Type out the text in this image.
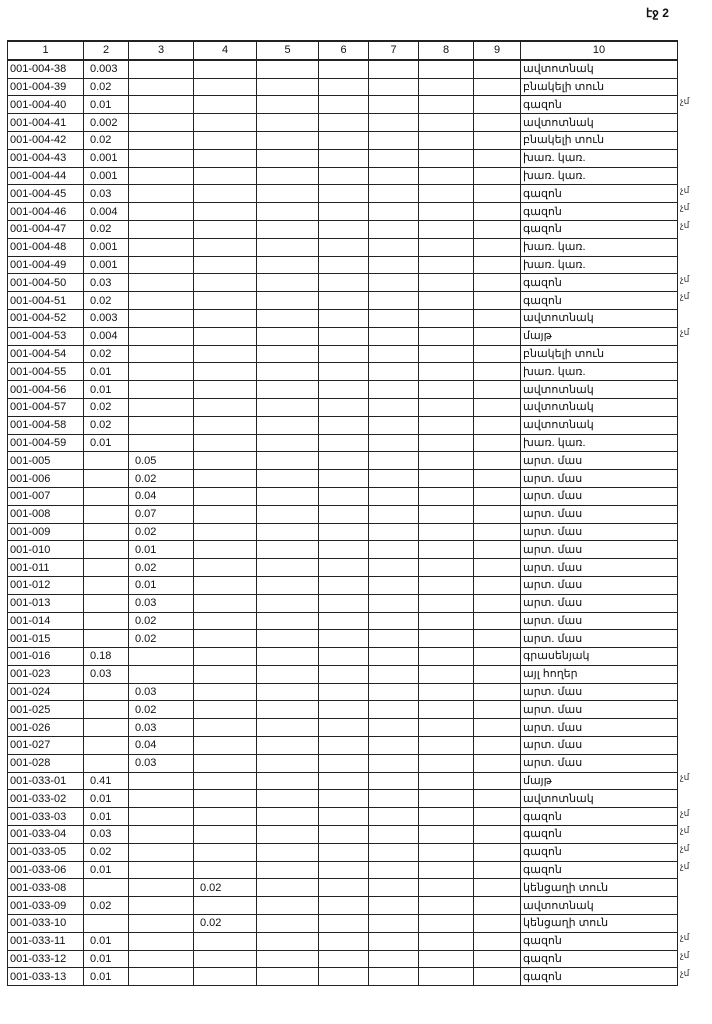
էջ 2
1	2	3	4	5	6	7	8	9	10
001-004-38	0.003								ավտոտնակ
001-004-39	0.02								բնակելի տուն
001-004-40	0.01								գազոն
001-004-41	0.002								ավտոտնակ
001-004-42	0.02								բնակելի տուն
001-004-43	0.001								խառ. կառ.
001-004-44	0.001								խառ. կառ.
001-004-45	0.03								գազոն
001-004-46	0.004								գազոն
001-004-47	0.02								գազոն
001-004-48	0.001								խառ. կառ.
001-004-49	0.001								խառ. կառ.
001-004-50	0.03								գազոն
001-004-51	0.02								գազոն
001-004-52	0.003								ավտոտնակ
001-004-53	0.004								մայթ
001-004-54	0.02								բնակելի տուն
001-004-55	0.01								խառ. կառ.
001-004-56	0.01								ավտոտնակ
001-004-57	0.02								ավտոտնակ
001-004-58	0.02								ավտոտնակ
001-004-59	0.01								խառ. կառ.
001-005		0.05							արտ. մաս
001-006		0.02							արտ. մաս
001-007		0.04							արտ. մաս
001-008		0.07							արտ. մաս
001-009		0.02							արտ. մաս
001-010		0.01							արտ. մաս
001-011		0.02							արտ. մաս
001-012		0.01							արտ. մաս
001-013		0.03							արտ. մաս
001-014		0.02							արտ. մաս
001-015		0.02							արտ. մաս
001-016	0.18								գրասենյակ
001-023	0.03								այլ հողեր
001-024		0.03							արտ. մաս
001-025		0.02							արտ. մաս
001-026		0.03							արտ. մաս
001-027		0.04							արտ. մաս
001-028		0.03							արտ. մաս
001-033-01	0.41								մայթ
001-033-02	0.01								ավտոտնակ
001-033-03	0.01								գազոն
001-033-04	0.03								գազոն
001-033-05	0.02								գազոն
001-033-06	0.01								գազոն
001-033-08			0.02						կենցաղի տուն
001-033-09	0.02								ավտոտնակ
001-033-10			0.02						կենցաղի տուն
001-033-11	0.01								գազոն
001-033-12	0.01								գազոն
001-033-13	0.01								գազոն
չմ
չմ
չմ
չմ
չմ
չմ
չմ
չմ
չմ
չմ
չմ
չմ
չմ
չմ
չմ
